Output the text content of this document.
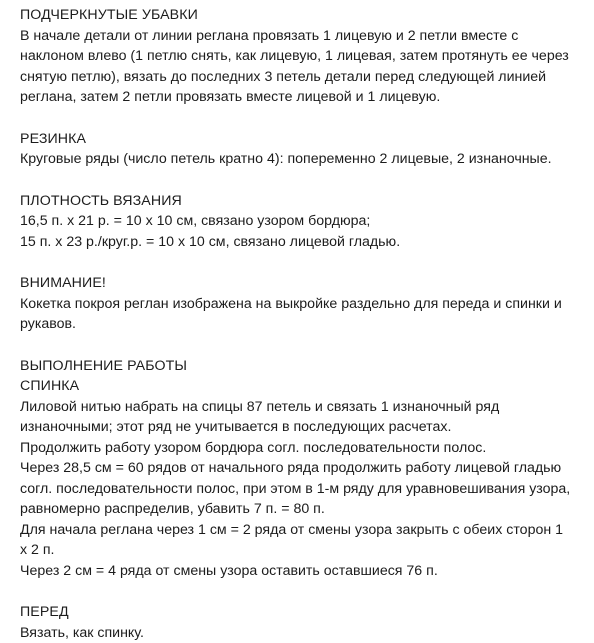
ПОДЧЕРКНУТЫЕ УБАВКИ
В начале детали от линии реглана провязать 1 лицевую и 2 петли вместе с
наклоном влево (1 петлю снять, как лицевую, 1 лицевая, затем протянуть ее через
снятую петлю), вязать до последних 3 петель детали перед следующей линией
реглана, затем 2 петли провязать вместе лицевой и 1 лицевую.
РЕЗИНКА
Круговые ряды (число петель кратно 4): попеременно 2 лицевые, 2 изнаночные.
ПЛОТНОСТЬ ВЯЗАНИЯ
16,5 п. х 21 р. = 10 х 10 см, связано узором бордюра;
15 п. х 23 р./круг.р. = 10 х 10 см, связано лицевой гладью.
ВНИМАНИЕ!
Кокетка покроя реглан изображена на выкройке раздельно для переда и спинки и
рукавов.
ВЫПОЛНЕНИЕ РАБОТЫ
СПИНКА
Лиловой нитью набрать на спицы 87 петель и связать 1 изнаночный ряд
изнаночными; этот ряд не учитывается в последующих расчетах.
Продолжить работу узором бордюра согл. последовательности полос.
Через 28,5 см = 60 рядов от начального ряда продолжить работу лицевой гладью
согл. последовательности полос, при этом в 1-м ряду для уравновешивания узора,
равномерно распределив, убавить 7 п. = 80 п.
Для начала реглана через 1 см = 2 ряда от смены узора закрыть с обеих сторон 1
х 2 п.
Через 2 см = 4 ряда от смены узора оставить оставшиеся 76 п.
ПЕРЕД
Вязать, как спинку.
